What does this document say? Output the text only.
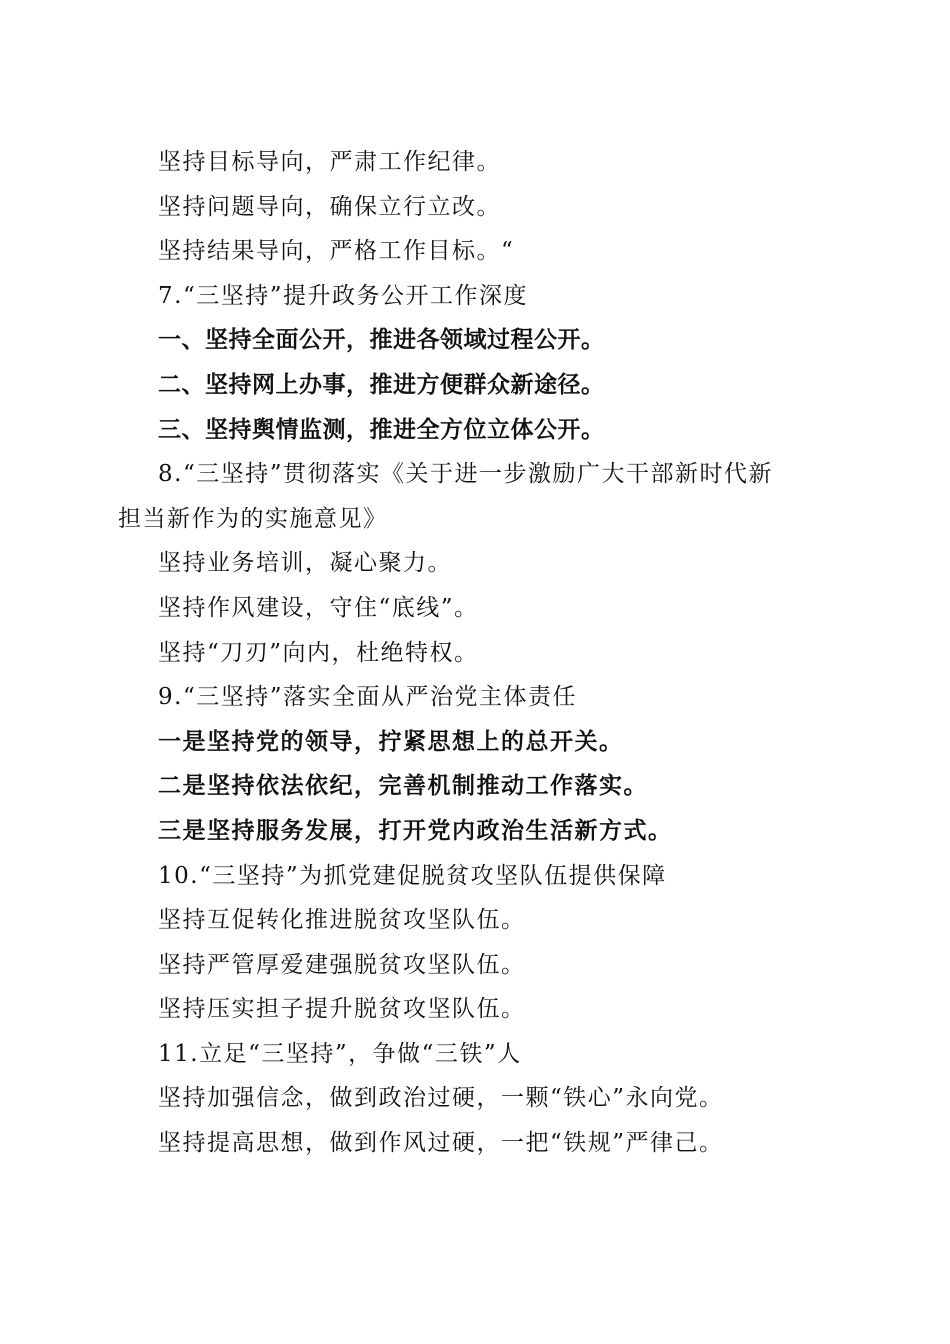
坚持目标导向，严肃工作纪律。
坚持问题导向，确保立行立改。
坚持结果导向，严格工作目标。“
7.“三坚持”提升政务公开工作深度
一、坚持全面公开，推进各领域过程公开。
二、坚持网上办事，推进方便群众新途径。
三、坚持舆情监测，推进全方位立体公开。
8.“三坚持”贯彻落实《关于进一步激励广大干部新时代新
担当新作为的实施意见》
坚持业务培训，凝心聚力。
坚持作风建设，守住“底线”。
坚持“刀刃”向内，杜绝特权。
9.“三坚持”落实全面从严治党主体责任
一是坚持党的领导，拧紧思想上的总开关。
二是坚持依法依纪，完善机制推动工作落实。
三是坚持服务发展，打开党内政治生活新方式。
10.“三坚持”为抓党建促脱贫攻坚队伍提供保障
坚持互促转化推进脱贫攻坚队伍。
坚持严管厚爱建强脱贫攻坚队伍。
坚持压实担子提升脱贫攻坚队伍。
11.立足“三坚持”，争做“三铁”人
坚持加强信念，做到政治过硬，一颗“铁心”永向党。
坚持提高思想，做到作风过硬，一把“铁规”严律己。
